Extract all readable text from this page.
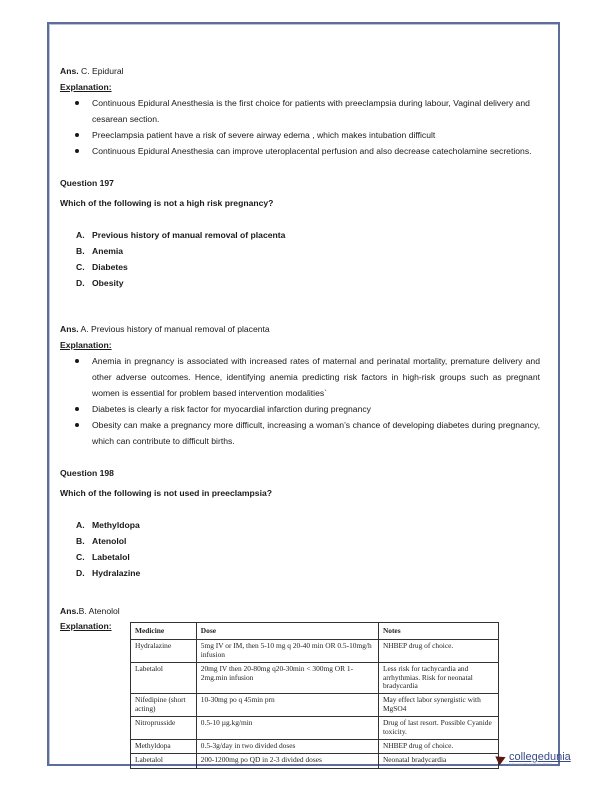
Ans. C. Epidural
Explanation:
Continuous Epidural Anesthesia is the first choice for patients with preeclampsia during labour, Vaginal delivery and cesarean section.
Preeclampsia patient have a risk of severe airway edema , which makes intubation difficult
Continuous Epidural Anesthesia can improve uteroplacental perfusion and also decrease catecholamine secretions.
Question 197
Which of the following is not a high risk pregnancy?
A. Previous history of manual removal of placenta
B. Anemia
C. Diabetes
D. Obesity
Ans. A. Previous history of manual removal of placenta
Explanation:
Anemia in pregnancy is associated with increased rates of maternal and perinatal mortality, premature delivery and other adverse outcomes. Hence, identifying anemia predicting risk factors in high-risk groups such as pregnant women is essential for problem based intervention modalities`
Diabetes is clearly a risk factor for myocardial infarction during pregnancy
Obesity can make a pregnancy more difficult, increasing a woman’s chance of developing diabetes during pregnancy, which can contribute to difficult births.
Question 198
Which of the following is not used in preeclampsia?
A. Methyldopa
B. Atenolol
C. Labetalol
D. Hydralazine
Ans.B. Atenolol
Explanation:	Medicine	Dose	Notes
Hydralazine	5mg IV or IM, then 5-10 mg q 20-40 min OR 0.5-10mg/h infusion	NHBEP drug of choice.
Labetalol	20mg IV then 20-80mg q20-30min < 300mg OR 1-2mg.min infusion	Less risk for tachycardia and arrhythmias. Risk for neonatal bradycardia
Nifedipine (short acting)	10-30mg po q 45min prn	May effect labor synergistic with MgSO4
Nitroprusside	0.5-10 µg.kg/min	Drug of last resort. Possible Cyanide toxicity.
Methyldopa	0.5-3g/day in two divided doses	NHBEP drug of choice.
Labetalol	200-1200mg po QD in 2-3 divided doses	Neonatal bradycardia	collegedunia
India's largest Student Review Platform
